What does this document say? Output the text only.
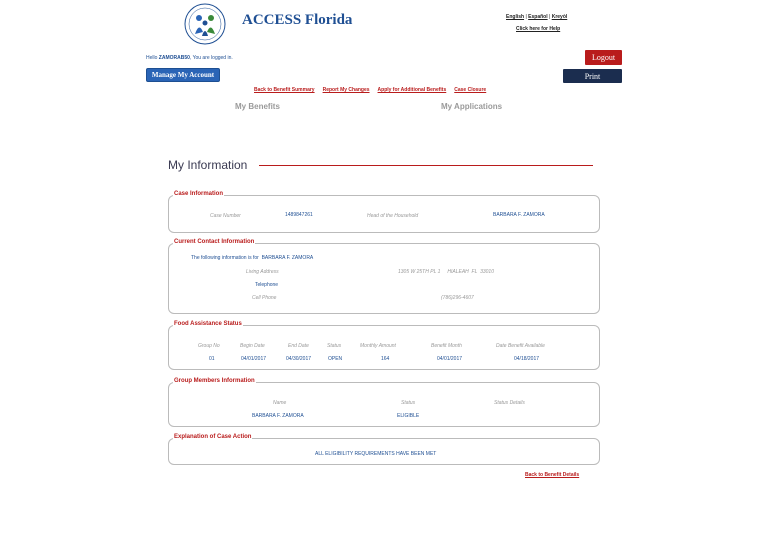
ACCESS Florida	English | Español | Kreyòl
Click here for Help
Hello ZAMORAB50, You are logged in.
Manage My Account
Logout
Print
Back to Benefit Summary Report My Changes Apply for Additional Benefits Case Closure
My Benefits	My Applications
My Information
Case Information
Case Number	1489847261	Head of the Household	BARBARA F. ZAMORA
Current Contact Information
The following information is for BARBARA F. ZAMORA
Living Address	1305 W 25TH PL 1     HIALEAH  FL  33010
Telephone
Cell Phone	(786)296-4607
Food Assistance Status
Group No	Begin Date	End Date	Status	Monthly Amount	Benefit Month	Date Benefit Available
01	04/01/2017	04/30/2017	OPEN	164	04/01/2017	04/18/2017
Group Members Information
Name	Status	Status Details
BARBARA F. ZAMORA	ELIGIBLE
Explanation of Case Action
ALL ELIGIBILITY REQUIREMENTS HAVE BEEN MET
Back to Benefit Details
